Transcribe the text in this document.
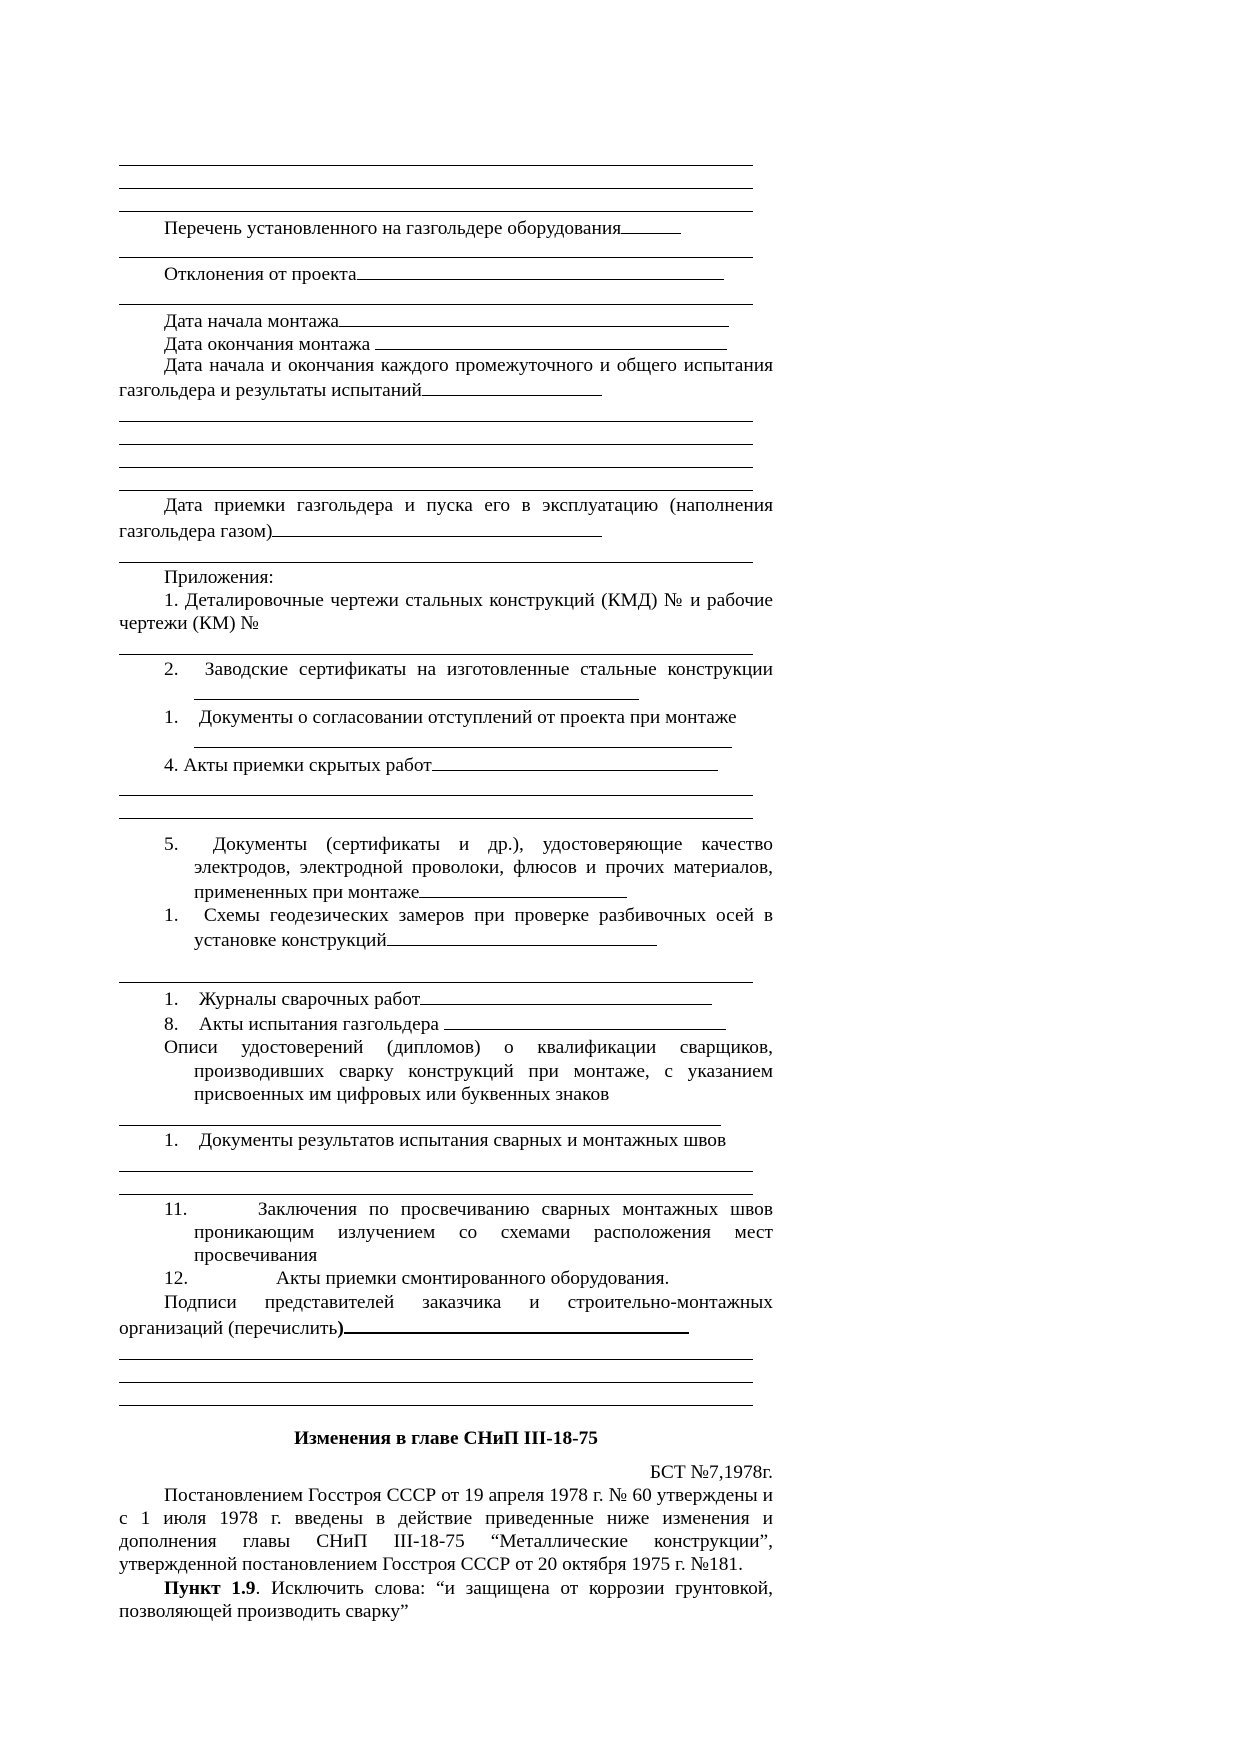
Перечень установленного на газгольдере оборудования
Отклонения от проекта
Дата начала монтажа
Дата окончания монтажа
Дата начала и окончания каждого промежуточного и общего испытания газгольдера и результаты испытаний
Дата приемки газгольдера и пуска его в эксплуатацию (наполнения газгольдера газом)
Приложения:
1. Деталировочные чертежи стальных конструкций (КМД) № и рабочие чертежи (КМ) №
2. Заводские сертификаты на изготовленные стальные конструкции
1. Документы о согласовании отступлений от проекта при монтаже
4. Акты приемки скрытых работ
5. Документы (сертификаты и др.), удостоверяющие качество электродов, электродной проволоки, флюсов и прочих материалов, примененных при монтаже
1. Схемы геодезических замеров при проверке разбивочных осей в установке конструкций
1. Журналы сварочных работ
8. Акты испытания газгольдера
Описи удостоверений (дипломов) о квалификации сварщиков, производивших сварку конструкций при монтаже, с указанием присвоенных им цифровых или буквенных знаков
1. Документы результатов испытания сварных и монтажных швов
11.	Заключения по просвечиванию сварных монтажных швов проникающим излучением со схемами расположения мест просвечивания
12.	Акты приемки смонтированного оборудования.
Подписи представителей заказчика и строительно-монтажных организаций (перечислить)
Изменения в главе СНиП III-18-75
БСТ №7,1978г.
Постановлением Госстроя СССР от 19 апреля 1978 г. № 60 утверждены и с 1 июля 1978 г. введены в действие приведенные ниже изменения и дополнения главы СНиП III-18-75 “Металлические конструкции”, утвержденной постановлением Госстроя СССР от 20 октября 1975 г. №181.
Пункт 1.9. Исключить слова: “и защищена от коррозии грунтовкой, позволяющей производить сварку”
